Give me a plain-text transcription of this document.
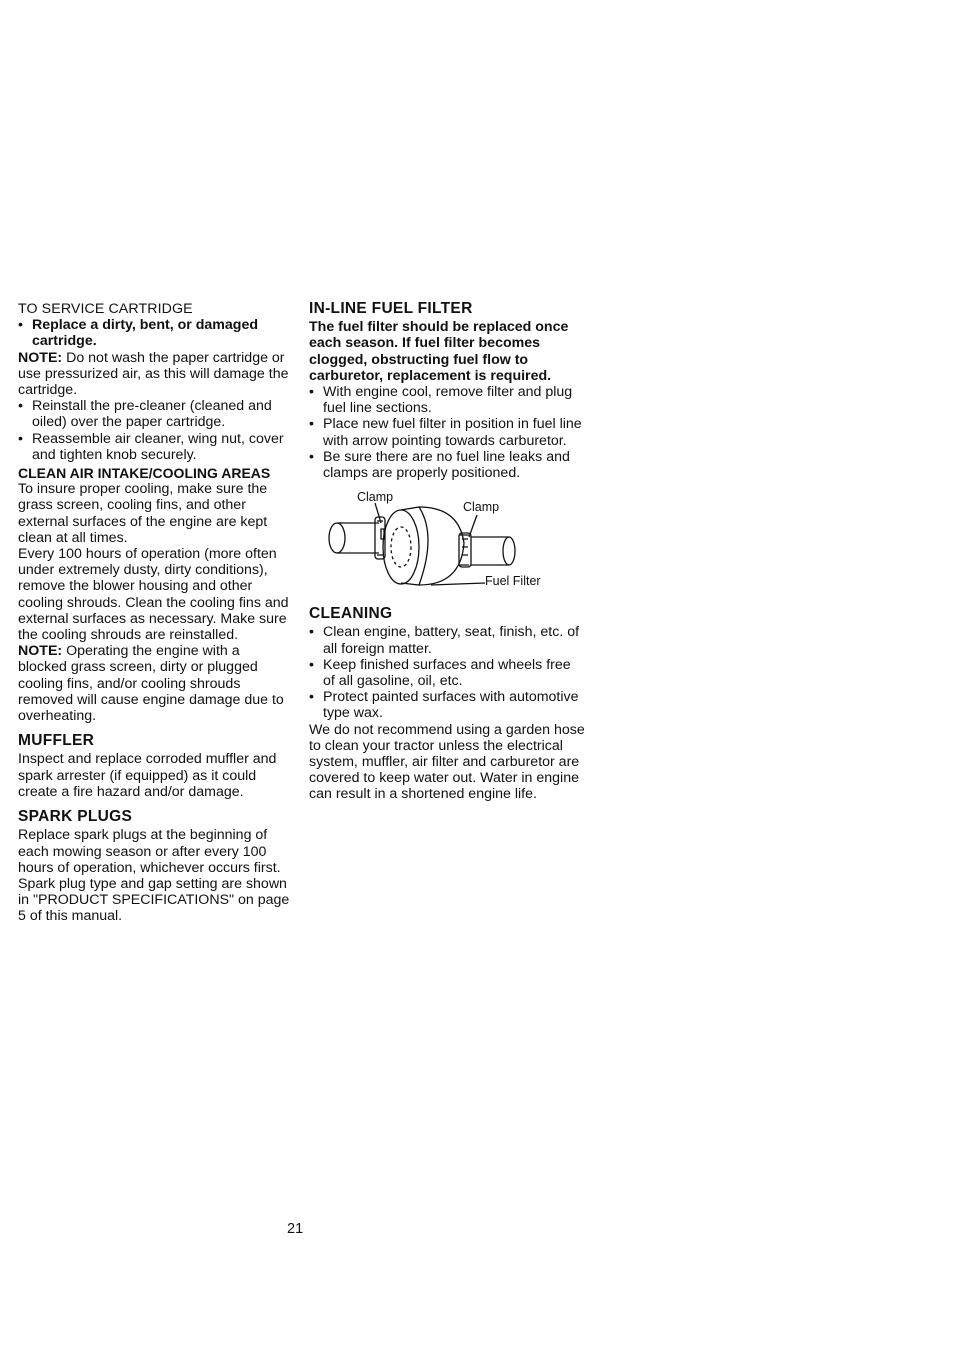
TO SERVICE CARTRIDGE

• Replace a dirty, bent, or damaged cartridge.

NOTE: Do not wash the paper cartridge or use pressurized air, as this will damage the cartridge.

• Reinstall the pre-cleaner (cleaned and oiled) over the paper cartridge.
• Reassemble air cleaner, wing nut, cover and tighten knob securely.

CLEAN AIR INTAKE/COOLING AREAS

To insure proper cooling, make sure the grass screen, cooling fins, and other external surfaces of the engine are kept clean at all times.

Every 100 hours of operation (more often under extremely dusty, dirty conditions), remove the blower housing and other cooling shrouds. Clean the cooling fins and external surfaces as necessary. Make sure the cooling shrouds are reinstalled.

NOTE: Operating the engine with a blocked grass screen, dirty or plugged cooling fins, and/or cooling shrouds removed will cause engine damage due to overheating.

MUFFLER

Inspect and replace corroded muffler and spark arrester (if equipped) as it could create a fire hazard and/or damage.

SPARK PLUGS

Replace spark plugs at the beginning of each mowing season or after every 100 hours of operation, whichever occurs first. Spark plug type and gap setting are shown in "PRODUCT SPECIFICATIONS" on page 5 of this manual.

IN-LINE FUEL FILTER

The fuel filter should be replaced once each season. If fuel filter becomes clogged, obstructing fuel flow to carburetor, replacement is required.

• With engine cool, remove filter and plug fuel line sections.
• Place new fuel filter in position in fuel line with arrow pointing towards carburetor.
• Be sure there are no fuel line leaks and clamps are properly positioned.
Clamp
Clamp
Fuel Filter

CLEANING

• Clean engine, battery, seat, finish, etc. of all foreign matter.
• Keep finished surfaces and wheels free of all gasoline, oil, etc.
• Protect painted surfaces with automotive type wax.

We do not recommend using a garden hose to clean your tractor unless the electrical system, muffler, air filter and carburetor are covered to keep water out. Water in engine can result in a shortened engine life.

21
